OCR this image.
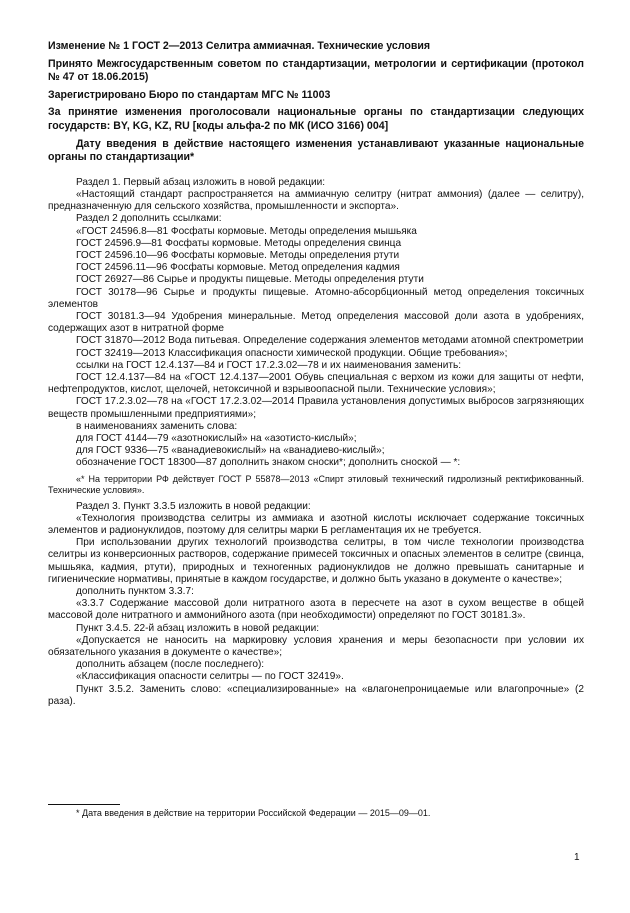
Изменение № 1 ГОСТ 2—2013 Селитра аммиачная. Технические условия

Принято Межгосударственным советом по стандартизации, метрологии и сертификации (протокол № 47 от 18.06.2015)

Зарегистрировано Бюро по стандартам МГС № 11003

За принятие изменения проголосовали национальные органы по стандартизации следующих государств: BY, KG, KZ, RU [коды альфа-2 по МК (ИСО 3166) 004]

Дату введения в действие настоящего изменения устанавливают указанные национальные органы по стандартизации*

Раздел 1. Первый абзац изложить в новой редакции:

«Настоящий стандарт распространяется на аммиачную селитру (нитрат аммония) (далее — селитру), предназначенную для сельского хозяйства, промышленности и экспорта».

Раздел 2 дополнить ссылками:

«ГОСТ 24596.8—81 Фосфаты кормовые. Методы определения мышьяка

ГОСТ 24596.9—81 Фосфаты кормовые. Методы определения свинца

ГОСТ 24596.10—96 Фосфаты кормовые. Методы определения ртути

ГОСТ 24596.11—96 Фосфаты кормовые. Метод определения кадмия

ГОСТ 26927—86 Сырье и продукты пищевые. Методы определения ртути

ГОСТ 30178—96 Сырье и продукты пищевые. Атомно-абсорбционный метод определения токсичных элементов

ГОСТ 30181.3—94 Удобрения минеральные. Метод определения массовой доли азота в удобрениях, содержащих азот в нитратной форме

ГОСТ 31870—2012 Вода питьевая. Определение содержания элементов методами атомной спектрометрии

ГОСТ 32419—2013 Классификация опасности химической продукции. Общие требования»;

ссылки на ГОСТ 12.4.137—84 и ГОСТ 17.2.3.02—78 и их наименования заменить:

ГОСТ 12.4.137—84 на «ГОСТ 12.4.137—2001 Обувь специальная с верхом из кожи для защиты от нефти, нефтепродуктов, кислот, щелочей, нетоксичной и взрывоопасной пыли. Технические условия»;

ГОСТ 17.2.3.02—78 на «ГОСТ 17.2.3.02—2014 Правила установления допустимых выбросов загрязняющих веществ промышленными предприятиями»;

в наименованиях заменить слова:

для ГОСТ 4144—79 «азотнокислый» на «азотисто-кислый»;

для ГОСТ 9336—75 «ванадиевокислый» на «ванадиево-кислый»;

обозначение ГОСТ 18300—87 дополнить знаком сноски*; дополнить сноской — *:

«* На территории РФ действует ГОСТ Р 55878—2013 «Спирт этиловый технический гидролизный ректификованный. Технические условия».

Раздел 3. Пункт 3.3.5 изложить в новой редакции:

«Технология производства селитры из аммиака и азотной кислоты исключает содержание токсичных элементов и радионуклидов, поэтому для селитры марки Б регламентация их не требуется.

При использовании других технологий производства селитры, в том числе технологии производства селитры из конверсионных растворов, содержание примесей токсичных и опасных элементов в селитре (свинца, мышьяка, кадмия, ртути), природных и техногенных радионуклидов не должно превышать санитарные и гигиенические нормативы, принятые в каждом государстве, и должно быть указано в документе о качестве»;

дополнить пунктом 3.3.7:

«3.3.7 Содержание массовой доли нитратного азота в пересчете на азот в сухом веществе в общей массовой доле нитратного и аммонийного азота (при необходимости) определяют по ГОСТ 30181.3».

Пункт 3.4.5. 22-й абзац изложить в новой редакции:

«Допускается не наносить на маркировку условия хранения и меры безопасности при условии их обязательного указания в документе о качестве»;

дополнить абзацем (после последнего):

«Классификация опасности селитры — по ГОСТ 32419».

Пункт 3.5.2. Заменить слово: «специализированные» на «влагонепроницаемые или влагопрочные» (2 раза).

* Дата введения в действие на территории Российской Федерации — 2015—09—01.
1
